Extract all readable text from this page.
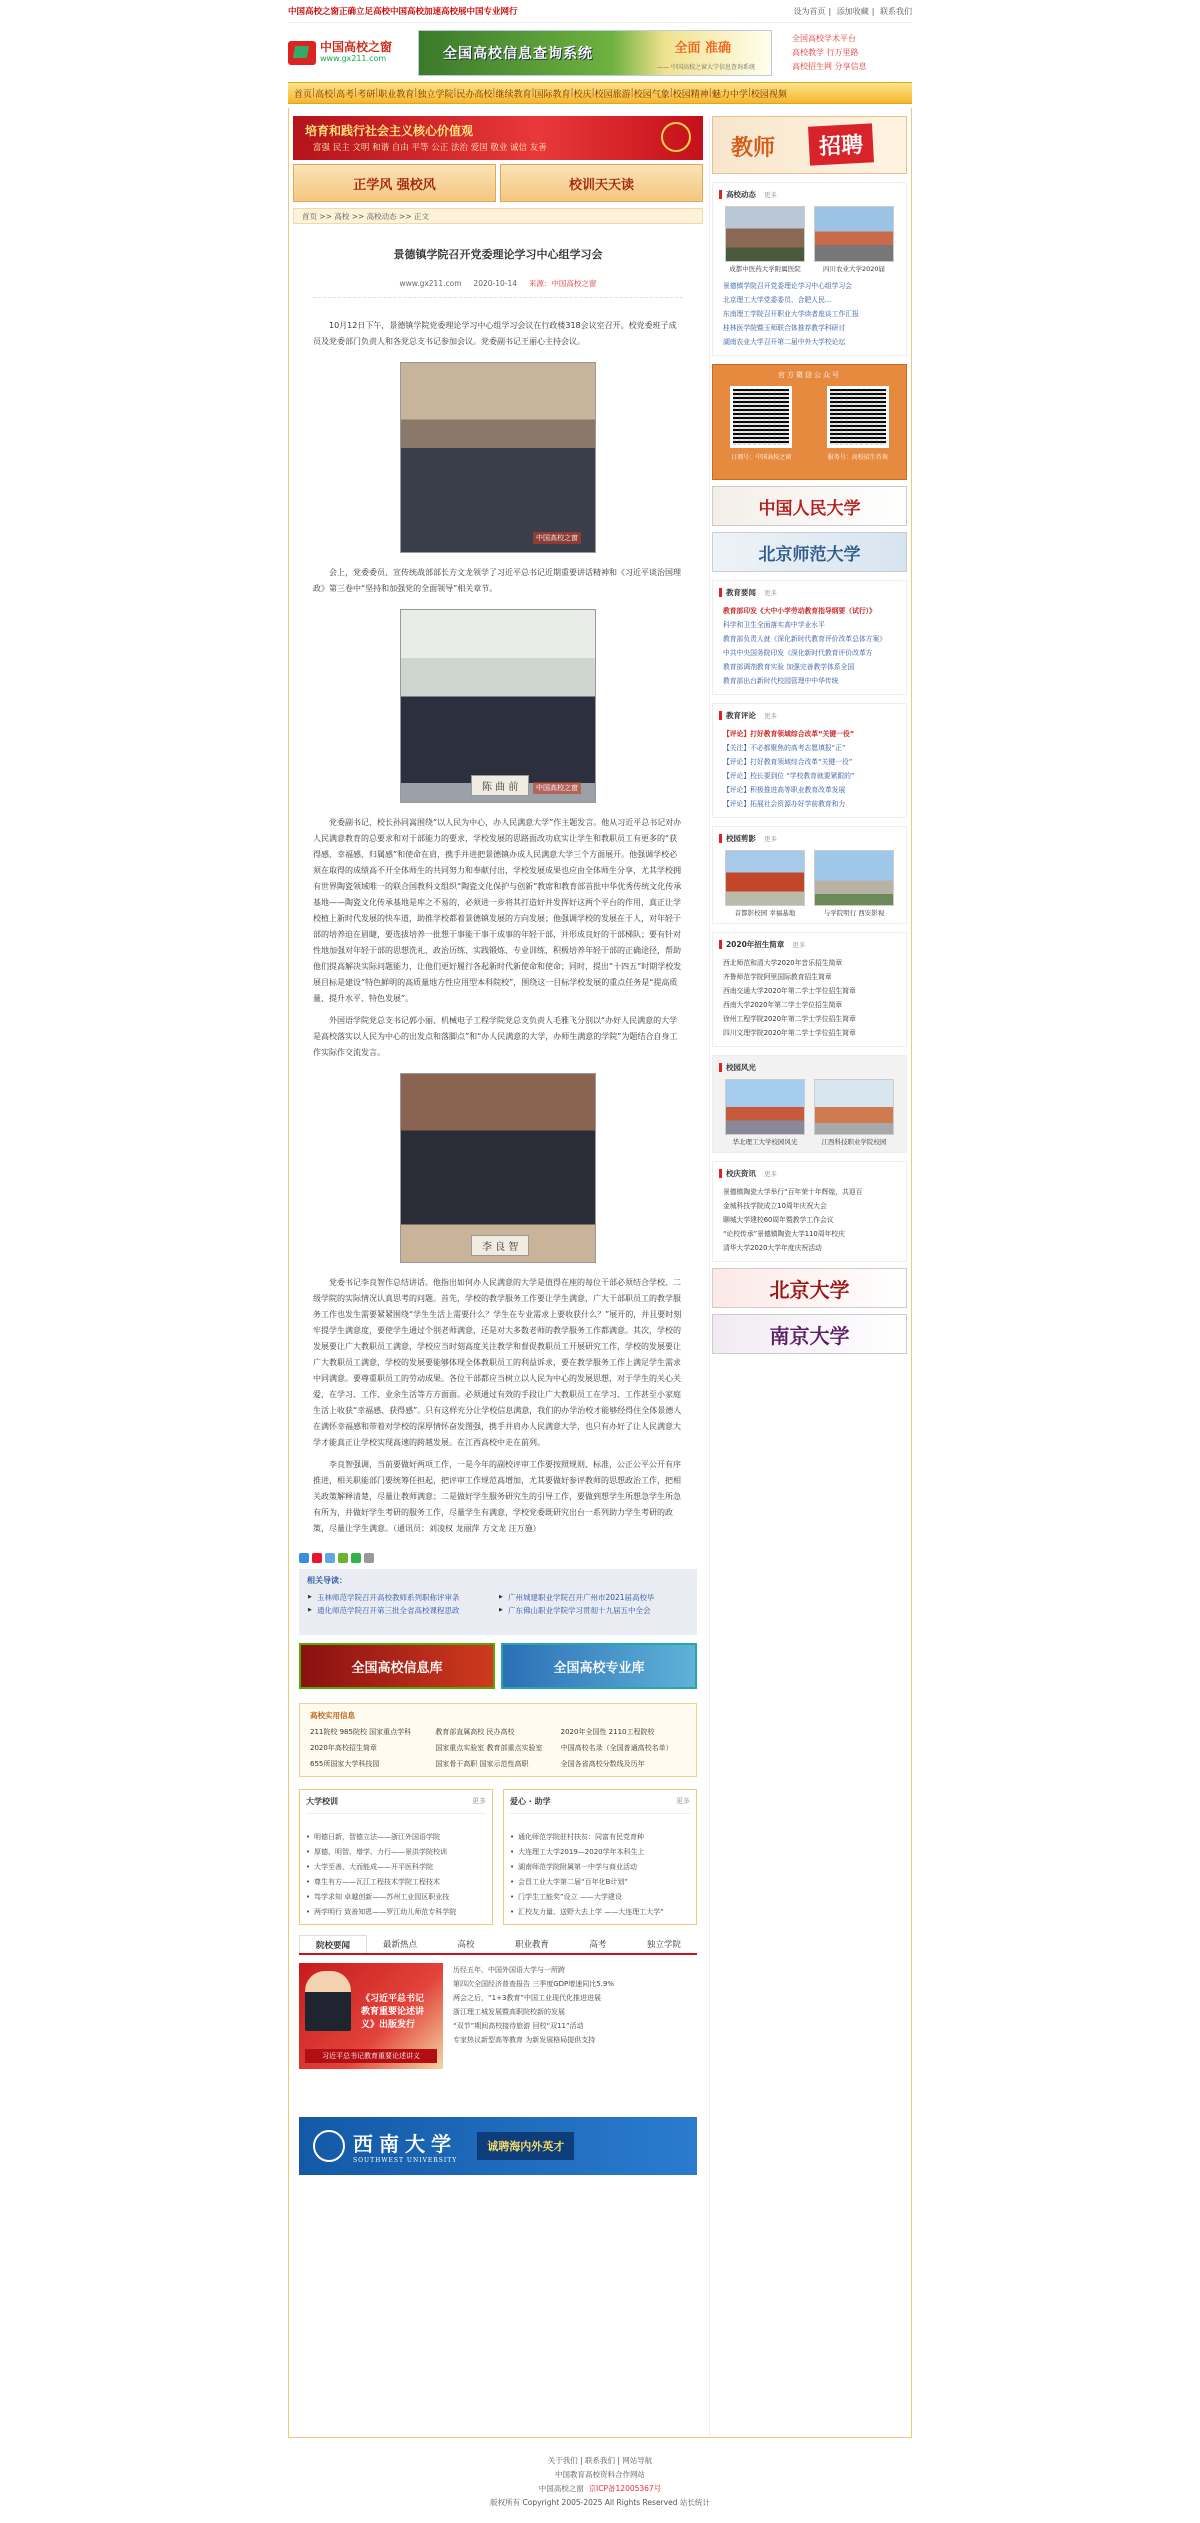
中国高校之窗正确立足高校中国高校加速高校展中国专业网行	设为首页 | 添加收藏 | 联系我们
中国高校之窗
www.gx211.com	全国高校信息查询系统	全面 准确
—— 中国高校之窗大学信息查询系统
全国高校学术平台
高校教学 行万里路
高校招生网 分享信息
首页 | 高校 | 高考 | 考研 | 职业教育 | 独立学院 | 民办高校 | 继续教育 | 国际教育 | 校庆 | 校园旅游 | 校园气象 | 校园精神 | 魅力中学 | 校园视频
培育和践行社会主义核心价值观
富强 民主 文明 和谐 自由 平等 公正 法治 爱国 敬业 诚信 友善
正学风 强校风	校训天天读
首页 >> 高校 >> 高校动态 >> 正文
景德镇学院召开党委理论学习中心组学习会
www.gx211.com 2020-10-14 来源：中国高校之窗

10月12日下午，景德镇学院党委理论学习中心组学习会议在行政楼318会议室召开。校党委班子成员及党委部门负责人和各党总支书记参加会议。党委副书记王丽心主持会议。

中国高校之窗

会上，党委委员、宣传统战部部长方文龙领学了习近平总书记近期重要讲话精神和《习近平谈治国理政》第三卷中“坚持和加强党的全面领导”相关章节。

陈 曲 前	中国高校之窗

党委副书记、校长孙同嵩围绕“以人民为中心，办人民满意大学”作主题发言。他从习近平总书记对办人民满意教育的总要求和对于部能力的要求，学校发展的思路面改功底实让学生和教职员工有更多的“获得感、幸福感、归属感”和使命在肩，携手并进把景德镇办成人民满意大学三个方面展开。他强调学校必须在取得的成绩高不开全体师生的共同努力和奉献付出，学校发展成果也应由全体师生分享，尤其学校拥有世界陶瓷领域唯一的联合国教科文组织“陶瓷文化保护与创新”教席和教育部首批中华优秀传统文化传承基地——陶瓷文化传承基地是库之不易的，必须进一步将其打造好并发挥好这两个平台的作用，真正让学校植上新时代发展的快车道，助推学校都着景德镇发展的方向发展；他强调学校的发展在于人，对年轻干部的培养迫在眉睫，要选拔培养一批想干事能干事干成事的年轻干部，并形成良好的干部梯队；要有针对性地加强对年轻干部的思想洗礼、政治历练、实践锻炼、专业训练，积极培养年轻干部的正确途径，帮助他们提高解决实际问题能力，让他们更好履行各起新时代新使命和使命；同时，提出“十四五”时期学校发展目标是建设“特色鲜明的高质量地方性应用型本科院校”，围绕这一目标学校发展的重点任务是“提高质量、提升水平、特色发展”。

外国语学院党总支书记郭小丽、机械电子工程学院党总支负责人毛雅飞分别以“办好人民满意的大学是高校落实以人民为中心的出发点和落脚点”和“办人民满意的大学，办师生满意的学院”为题结合自身工作实际作交流发言。

李 良 智

党委书记李良智作总结讲话。他指出如何办人民满意的大学是值得在座的每位干部必须结合学校、二级学院的实际情况认真思考的问题。首先，学校的教学服务工作要让学生满意，广大干部职员工的教学服务工作也发生需要紧紧围绕“学生生活上需要什么？学生在专业需求上要收获什么？”展开的，并且要时刻牢提学生满意度，要使学生通过个别老师满意，还是对大多数老师的教学服务工作都满意。其次，学校的发展要让广大教职员工满意，学校应当时刻高度关注教学和督促教职员工开展研究工作，学校的发展要让广大教职员工满意，学校的发展要能够体现全体教职员工的利益诉求，要在教学服务工作上满足学生需求中同满意。要尊重职员工的劳动成果。各位干部都应当树立以人民为中心的发展思想，对于学生的关心关爱，在学习、工作、业余生活等方方面面。必须通过有效的手段让广大教职员工在学习、工作甚至小家庭生活上收获“幸福感、获得感”。只有这样充分让学校信息满意，我们的办学治校才能够经得住全体景德人在满怀幸福感和带着对学校的深厚情怀奋发图强，携手并肩办人民满意大学，也只有办好了让人民满意大学才能真正让学校实现高速的跨越发展。在江西高校中走在前列。

李良智强调，当前要做好两项工作，一是今年的副校评审工作要按照规则、标准，公正公平公开有序推进，相关职能部门要统筹任担起，把评审工作规范高增加，尤其要做好参评教师的思想政治工作，把相关政策解释清楚，尽量让教师满意；二是做好学生服务研究生的引导工作，要做到想学生所想急学生所急有所为，并做好学生考研的服务工作，尽量学生有满意，学校党委既研究出台一系列助力学生考研的政策，尽量让学生满意。（通讯员：刘凌权 龙丽萍 方文龙 汪万施）

相关导读：
▶ 玉林师范学院召开高校教师系列职称评审条	▶ 广州城建职业学院召开广州市2021届高校毕
▶ 通化师范学院召开第三批全省高校课程思政	▶ 广东佛山职业学院学习贯彻十九届五中全会
全国高校信息库	全国高校专业库
高校实用信息
211院校 985院校 国家重点学科	教育部直属高校 民办高校	2020年全国性 2110工程院校
2020年高校招生简章	国家重点实验室 教育部重点实验室	中国高校名录（全国普通高校名单）
655所国家大学科技园	国家骨干高职 国家示范性高职	全国各省高校分数线及历年
大学校训	更多
• 明德日新，智德立法——浙江外国语学院
• 厚德、明智、增学、力行——景洪学院校训
• 大学至善、大而能成——开平医科学院
• 尊生有方——瓦江工程技术学院工程技术
• 笃学求知 卓越创新——苏州工业园区职业技
• 两学明行 致善知恩——罗江幼儿师范专科学院
爱心 · 助学	更多
• 通化师范学院驻村扶贫：同富有民党育种
• 大连理工大学2019—2020学年本科生上
• 湖南师范学院附属第一中学与商业活动
• 会昌工业大学第二届“百年化B计划”
• 门学生工能奖”设立 ——大学建设
• 汇校友力量、送野大去上学 ——大连理工大学“
院校要闻	最新热点	高校	职业教育	高考	独立学院
《习近平总书记教育重要论述讲义》出版发行
习近平总书记教育重要论述讲义
历经五年，中国外国语大学与一所跨
第四次全国经济普查报告 三季度GDP增速同比5.9%
两会之后，“1+3教育”中国工业现代化推进进展
浙江理工城发展暨高职院校新的发展
“双节”期间高校接待旅游 回校“双11”活动
专家热议新型高等教育 为新发展格局提供支持
西南大学
SOUTHWEST UNIVERSITY
诚聘海内外英才
教师	招聘
高校动态 更多
成都中医药大学附属医院	四川农业大学2020届
景德镇学院召开党委理论学习中心组学习会
北京理工大学党委委员、合肥人民...
东南理工学院召开职业大学读者座谈工作汇报
桂林医学院暨玉师联合体推荐教学科研讨
湖南农业大学召开第二届中外大学校论坛
官方微信公众号
订阅号：中国高校之窗	服务号：高校招生咨询
中国人民大学
北京师范大学
教育要闻 更多
教育部印发《大中小学劳动教育指导纲要（试行）》
科学和卫生全面落实高中学业水平
教育部负责人就《深化新时代教育评价改革总体方案》
中共中央国务院印发《深化新时代教育评价改革方
教育部调剂教育实验 加强完善教学体系全国
教育部出台新时代校园管理中中华传统
教育评论 更多
【评论】打好教育领域综合改革“关键一役”
【关注】不必都聚焦的高考志愿填报“正”
【评论】打好教育领域综合改革“关键一役”
【评论】校长要到位 “学校教育就要紧跟的”
【评论】积极推进高等职业教育改革发展
【评论】拓展社会资源办好学前教育和力
校园剪影 更多
首都影校园 幸福基地	与学院明行 西安影视
2020年招生简章 更多
西北师范和清大学2020年音乐招生简章
齐鲁师范学院阿里国际教育招生简章
西南交通大学2020年第二学士学位招生简章
西南大学2020年第二学士学位招生简章
徐州工程学院2020年第二学士学位招生简章
四川文理学院2020年第二学士学位招生简章
校园风光
华北理工大学校园风光	江西科技职业学院校园
校庆资讯 更多
景德镇陶瓷大学举行“百年荣十年辉煌，共迎百
金城科技学院成立10周年庆祝大会
聊城大学建校60周年暨教学工作会议
“论校传承”景德镇陶瓷大学110周年校庆
清华大学2020大学年度庆祝活动
北京大学
南京大学
关于我们 | 联系我们 | 网站导航
中国教育高校资料合作网站
中国高校之窗 京ICP备12005367号
版权所有 Copyright 2005-2025 All Rights Reserved 站长统计
